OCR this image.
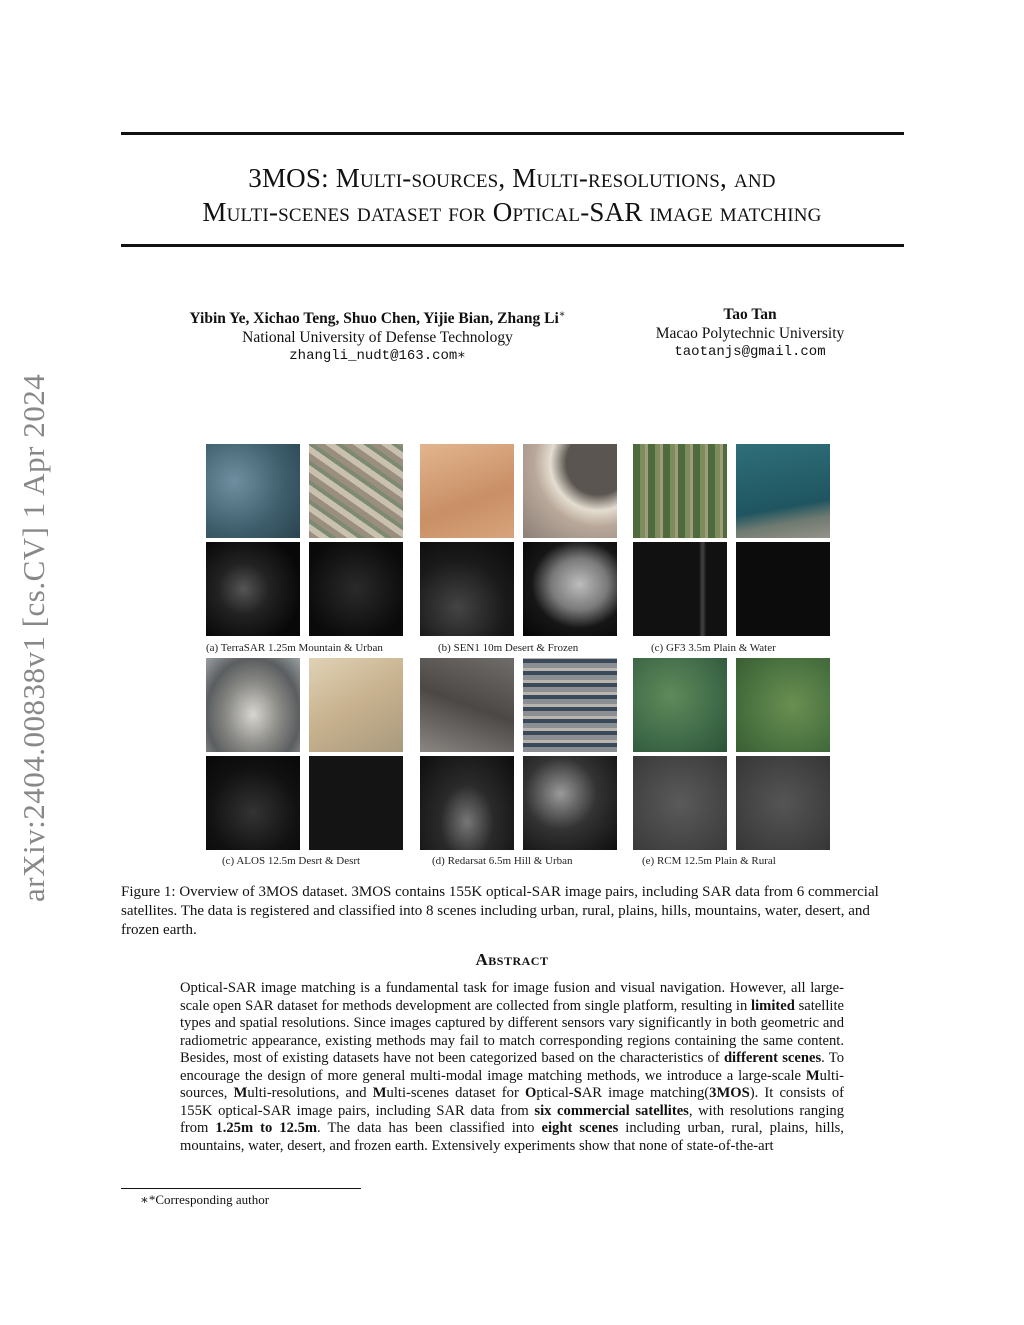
arXiv:2404.00838v1 [cs.CV] 1 Apr 2024
3MOS: Multi-sources, Multi-resolutions, and
Multi-scenes dataset for Optical-SAR image matching
Yibin Ye, Xichao Teng, Shuo Chen, Yijie Bian, Zhang Li∗
National University of Defense Technology
zhangli_nudt@163.com∗
Tao Tan
Macao Polytechnic University
taotanjs@gmail.com
(a) TerraSAR 1.25m Mountain & Urban	(b) SEN1 10m Desert & Frozen	(c) GF3 3.5m Plain & Water
(c) ALOS 12.5m Desrt & Desrt	(d) Redarsat 6.5m Hill & Urban	(e) RCM 12.5m Plain & Rural
Figure 1: Overview of 3MOS dataset. 3MOS contains 155K optical-SAR image pairs, including SAR data from 6 commercial satellites. The data is registered and classified into 8 scenes including urban, rural, plains, hills, mountains, water, desert, and frozen earth.
Abstract
Optical-SAR image matching is a fundamental task for image fusion and visual navigation. However, all large-scale open SAR dataset for methods development are collected from single platform, resulting in limited satellite types and spatial resolutions. Since images captured by different sensors vary significantly in both geometric and radiometric appearance, existing methods may fail to match corresponding regions containing the same content. Besides, most of existing datasets have not been categorized based on the characteristics of different scenes. To encourage the design of more general multi-modal image matching methods, we introduce a large-scale Multi-sources, Multi-resolutions, and Multi-scenes dataset for Optical-SAR image matching(3MOS). It consists of 155K optical-SAR image pairs, including SAR data from six commercial satellites, with resolutions ranging from 1.25m to 12.5m. The data has been classified into eight scenes including urban, rural, plains, hills, mountains, water, desert, and frozen earth. Extensively experiments show that none of state-of-the-art
∗*Corresponding author
